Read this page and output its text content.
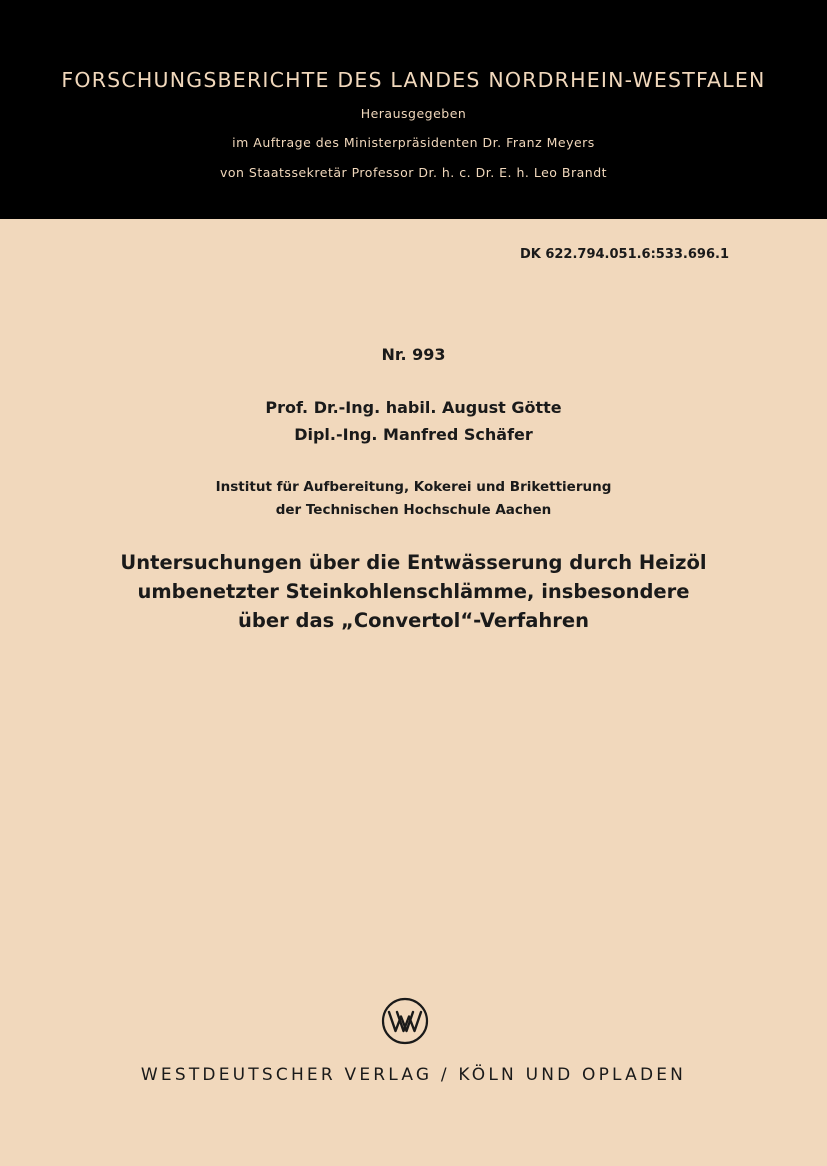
FORSCHUNGSBERICHTE DES LANDES NORDRHEIN-WESTFALEN
Herausgegeben
im Auftrage des Ministerpräsidenten Dr. Franz Meyers
von Staatssekretär Professor Dr. h. c. Dr. E. h. Leo Brandt
DK 622.794.051.6:533.696.1
Nr. 993
Prof. Dr.-Ing. habil. August Götte
Dipl.-Ing. Manfred Schäfer
Institut für Aufbereitung, Kokerei und Brikettierung
der Technischen Hochschule Aachen
Untersuchungen über die Entwässerung durch Heizöl
umbenetzter Steinkohlenschlämme, insbesondere
über das „Convertol“-Verfahren
WESTDEUTSCHER VERLAG / KÖLN UND OPLADEN
